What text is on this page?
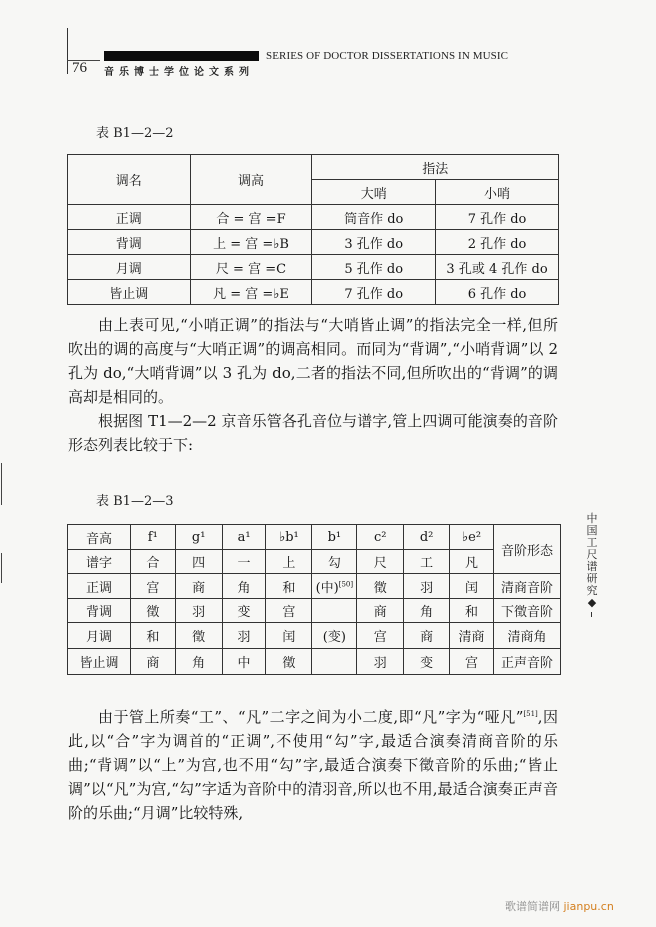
SERIES OF DOCTOR DISSERTATIONS IN MUSIC
76 音乐博士学位论文系列
表 B1—2—2
调名	调高	指法	
		大哨	小哨
正调	合 = 宫 =F	筒音作 do	7 孔作 do
背调	上 = 宫 =♭B	3 孔作 do	2 孔作 do
月调	尺 = 宫 =C	5 孔作 do	3 孔或 4 孔作 do
皆止调	凡 = 宫 =♭E	7 孔作 do	6 孔作 do

由上表可见,“小哨正调”的指法与“大哨皆止调”的指法完全一样,但所吹出的调的高度与“大哨正调”的调高相同。而同为“背调”,“小哨背调”以 2 孔为 do,“大哨背调”以 3 孔为 do,二者的指法不同,但所吹出的“背调”的调高却是相同的。

根据图 T1—2—2 京音乐管各孔音位与谱字,管上四调可能演奏的音阶形态列表比较于下:

表 B1—2—3
音高	f¹	g¹	a¹	♭b¹	b¹	c²	d²	♭e²	音阶形态
谱字	合	四	一	上	勾	尺	工	凡	
正调	宫	商	角	和	(中)[50]	徵	羽	闰	清商音阶
背调	徵	羽	变	宫		商	角	和	下徵音阶
月调	和	徵	羽	闰	(变)	宫	商	清商	清商角
皆止调	商	角	中	徵		羽	变	宫	正声音阶

由于管上所奏“工”、“凡”二字之间为小二度,即“凡”字为“哑凡”[51],因此,以“合”字为调首的“正调”,不使用“勾”字,最适合演奏清商音阶的乐曲;“背调”以“上”为宫,也不用“勾”字,最适合演奏下徵音阶的乐曲;“皆止调”以“凡”为宫,“勾”字适为音阶中的清羽音,所以也不用,最适合演奏正声音阶的乐曲;“月调”比较特殊,

中国工尺谱研究
◆
歌谱简谱网 jianpu.cn
